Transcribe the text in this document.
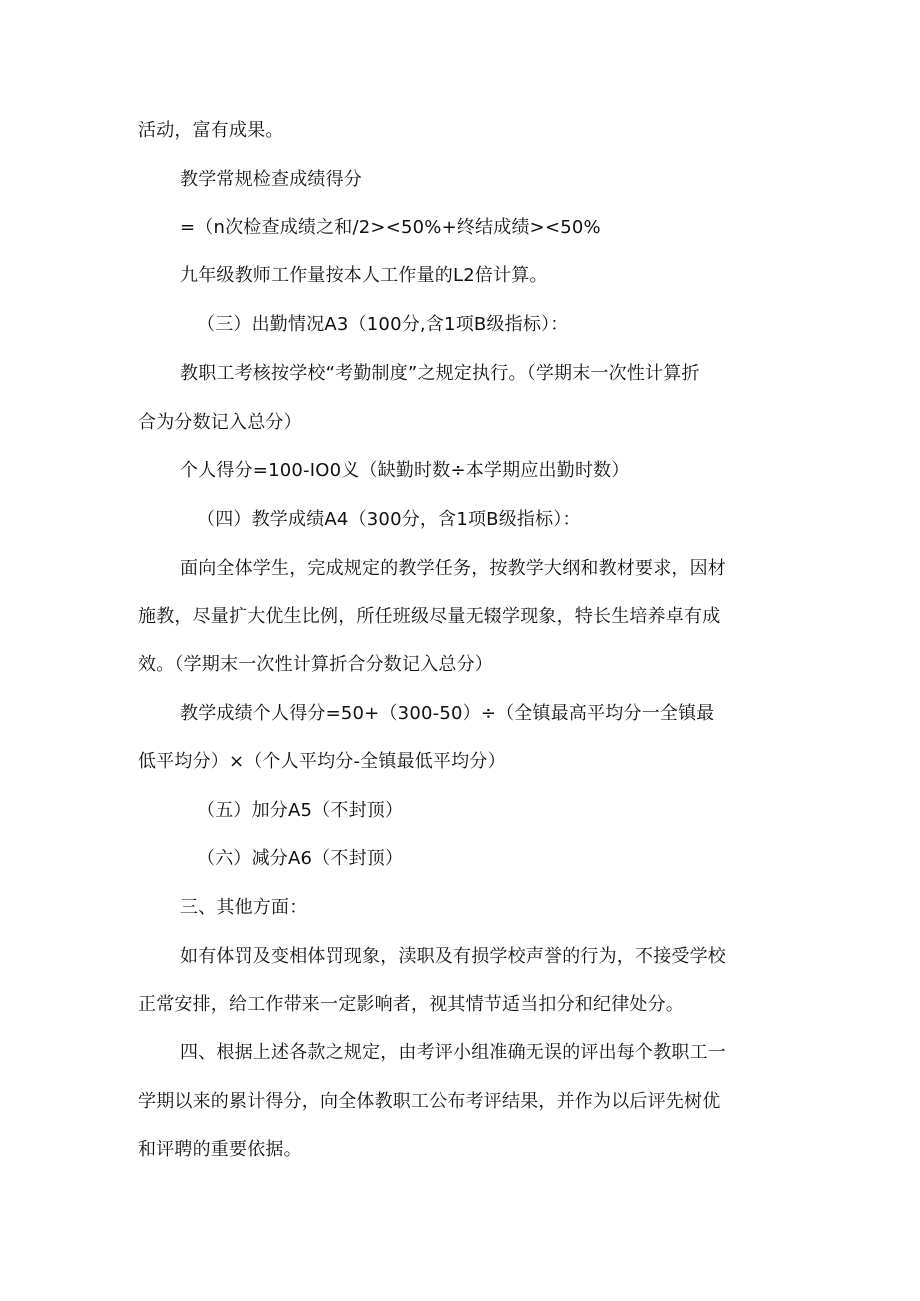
活动，富有成果。
教学常规检查成绩得分
=（n次检查成绩之和/2><50%+终结成绩><50%
九年级教师工作量按本人工作量的L2倍计算。
（三）出勤情况A3（100分,含1项B级指标）：
教职工考核按学校“考勤制度”之规定执行。（学期末一次性计算折
合为分数记入总分）
个人得分=100-IO0义（缺勤时数÷本学期应出勤时数）
（四）教学成绩A4（300分，含1项B级指标）：
面向全体学生，完成规定的教学任务，按教学大纲和教材要求，因材
施教，尽量扩大优生比例，所任班级尽量无辍学现象，特长生培养卓有成
效。（学期末一次性计算折合分数记入总分）
教学成绩个人得分=50+（300-50）÷（全镇最高平均分一全镇最
低平均分）×（个人平均分-全镇最低平均分）
（五）加分A5（不封顶）
（六）减分A6（不封顶）
三、其他方面：
如有体罚及变相体罚现象，渎职及有损学校声誉的行为，不接受学校
正常安排，给工作带来一定影响者，视其情节适当扣分和纪律处分。
四、根据上述各款之规定，由考评小组准确无误的评出每个教职工一
学期以来的累计得分，向全体教职工公布考评结果，并作为以后评先树优
和评聘的重要依据。
